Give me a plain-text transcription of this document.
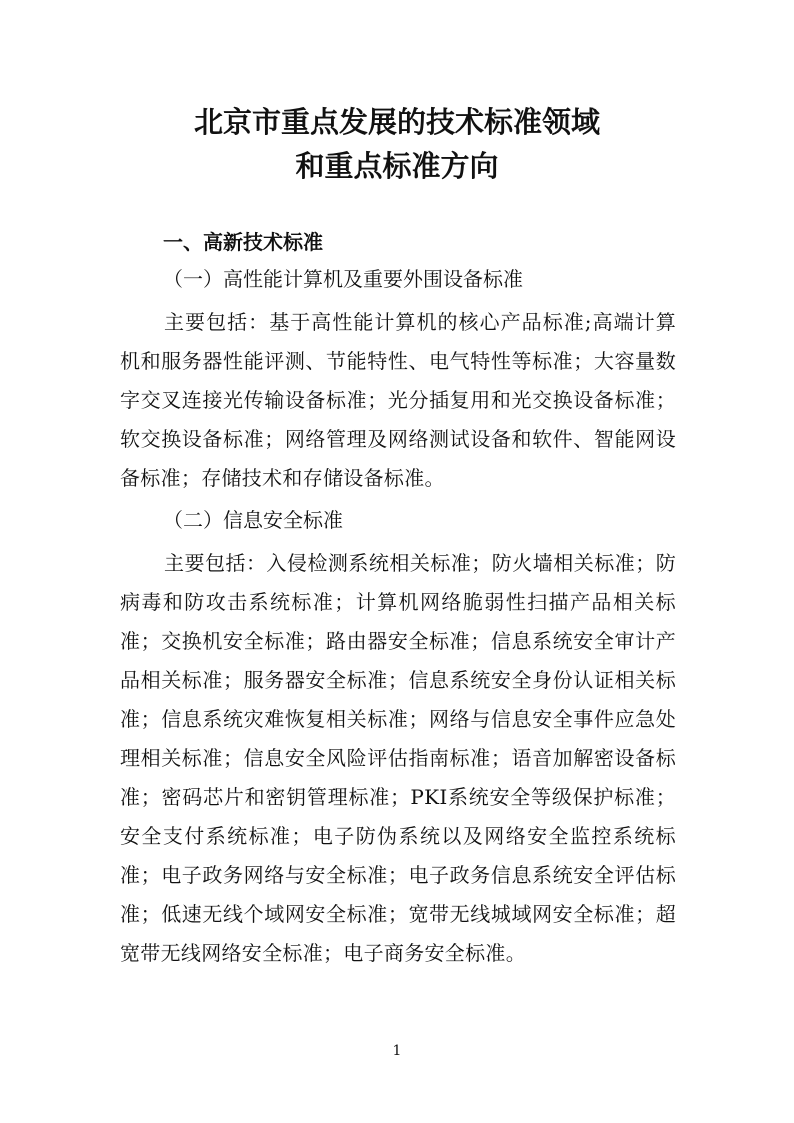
北京市重点发展的技术标准领域
和重点标准方向
一、高新技术标准
（一）高性能计算机及重要外围设备标准
主要包括：基于高性能计算机的核心产品标准;高端计算机和服务器性能评测、节能特性、电气特性等标准；大容量数字交叉连接光传输设备标准；光分插复用和光交换设备标准；软交换设备标准；网络管理及网络测试设备和软件、智能网设备标准；存储技术和存储设备标准。
（二）信息安全标准
主要包括：入侵检测系统相关标准；防火墙相关标准；防病毒和防攻击系统标准；计算机网络脆弱性扫描产品相关标准；交换机安全标准；路由器安全标准；信息系统安全审计产品相关标准；服务器安全标准；信息系统安全身份认证相关标准；信息系统灾难恢复相关标准；网络与信息安全事件应急处理相关标准；信息安全风险评估指南标准；语音加解密设备标准；密码芯片和密钥管理标准；PKI系统安全等级保护标准；安全支付系统标准；电子防伪系统以及网络安全监控系统标准；电子政务网络与安全标准；电子政务信息系统安全评估标准；低速无线个域网安全标准；宽带无线城域网安全标准；超宽带无线网络安全标准；电子商务安全标准。
1
